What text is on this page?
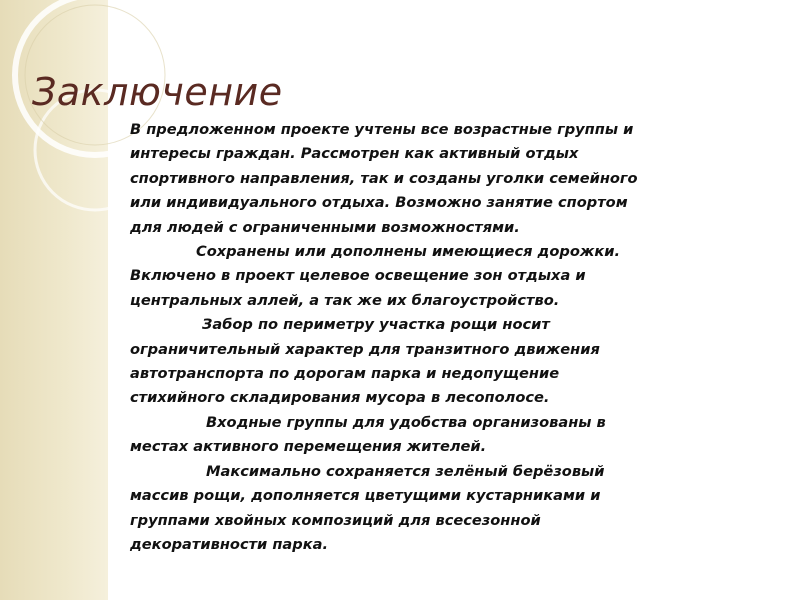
Заключение
В предложенном проекте учтены все возрастные группы и
интересы граждан. Рассмотрен как активный отдых
спортивного направления, так и созданы уголки семейного
или индивидуального отдыха. Возможно занятие спортом
для людей с ограниченными возможностями.
Сохранены или дополнены имеющиеся дорожки.
Включено в проект целевое освещение зон отдыха и
центральных аллей, а так же их благоустройство.
Забор по периметру участка рощи носит
ограничительный характер для транзитного движения
автотранспорта по дорогам парка и недопущение
стихийного складирования мусора в лесополосе.
Входные группы для удобства организованы в
местах активного перемещения жителей.
Максимально сохраняется зелёный берёзовый
массив рощи, дополняется цветущими кустарниками и
группами хвойных композиций для всесезонной
декоративности парка.
